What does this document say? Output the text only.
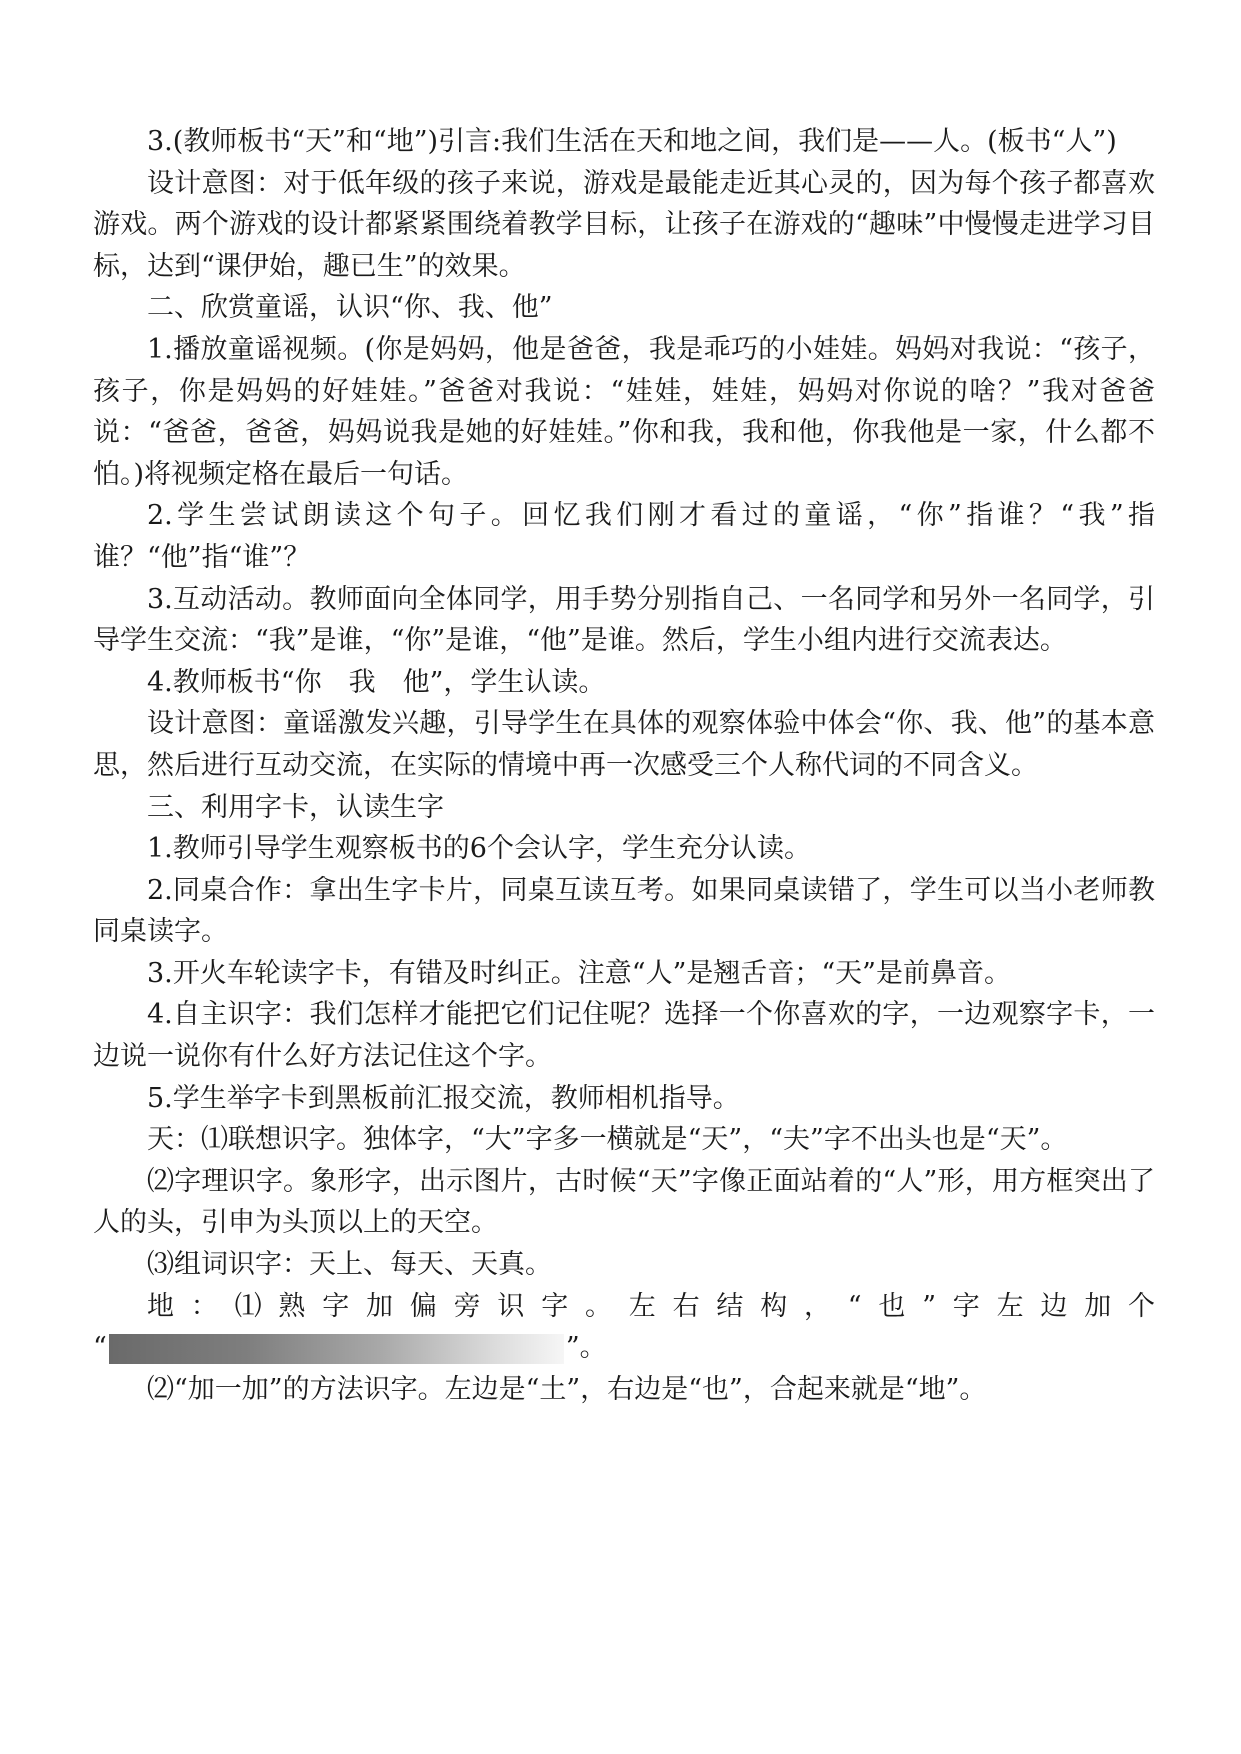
3.(教师板书“天”和“地”)引言:我们生活在天和地之间，我们是——人。(板书“人”)

设计意图：对于低年级的孩子来说，游戏是最能走近其心灵的，因为每个孩子都喜欢游戏。两个游戏的设计都紧紧围绕着教学目标，让孩子在游戏的“趣味”中慢慢走进学习目标，达到“课伊始，趣已生”的效果。

二、欣赏童谣，认识“你、我、他”

1.播放童谣视频。(你是妈妈，他是爸爸，我是乖巧的小娃娃。妈妈对我说：“孩子，孩子，你是妈妈的好娃娃。”爸爸对我说：“娃娃，娃娃，妈妈对你说的啥？”我对爸爸说：“爸爸，爸爸，妈妈说我是她的好娃娃。”你和我，我和他，你我他是一家，什么都不怕。)将视频定格在最后一句话。

2.学生尝试朗读这个句子。回忆我们刚才看过的童谣，“你”指谁？“我”指谁？“他”指“谁”？

3.互动活动。教师面向全体同学，用手势分别指自己、一名同学和另外一名同学，引导学生交流：“我”是谁，“你”是谁，“他”是谁。然后，学生小组内进行交流表达。

4.教师板书“你　我　他”，学生认读。

设计意图：童谣激发兴趣，引导学生在具体的观察体验中体会“你、我、他”的基本意思，然后进行互动交流，在实际的情境中再一次感受三个人称代词的不同含义。

三、利用字卡，认读生字

1.教师引导学生观察板书的6个会认字，学生充分认读。

2.同桌合作：拿出生字卡片，同桌互读互考。如果同桌读错了，学生可以当小老师教同桌读字。

3.开火车轮读字卡，有错及时纠正。注意“人”是翘舌音；“天”是前鼻音。

4.自主识字：我们怎样才能把它们记住呢？选择一个你喜欢的字，一边观察字卡，一边说一说你有什么好方法记住这个字。

5.学生举字卡到黑板前汇报交流，教师相机指导。

天：⑴联想识字。独体字，“大”字多一横就是“天”，“夫”字不出头也是“天”。

⑵字理识字。象形字，出示图片，古时候“天”字像正面站着的“人”形，用方框突出了人的头，引申为头顶以上的天空。

⑶组词识字：天上、每天、天真。

地：⑴熟字加偏旁识字。左右结构，“也”字左边加个

“	”。

⑵“加一加”的方法识字。左边是“土”，右边是“也”，合起来就是“地”。
